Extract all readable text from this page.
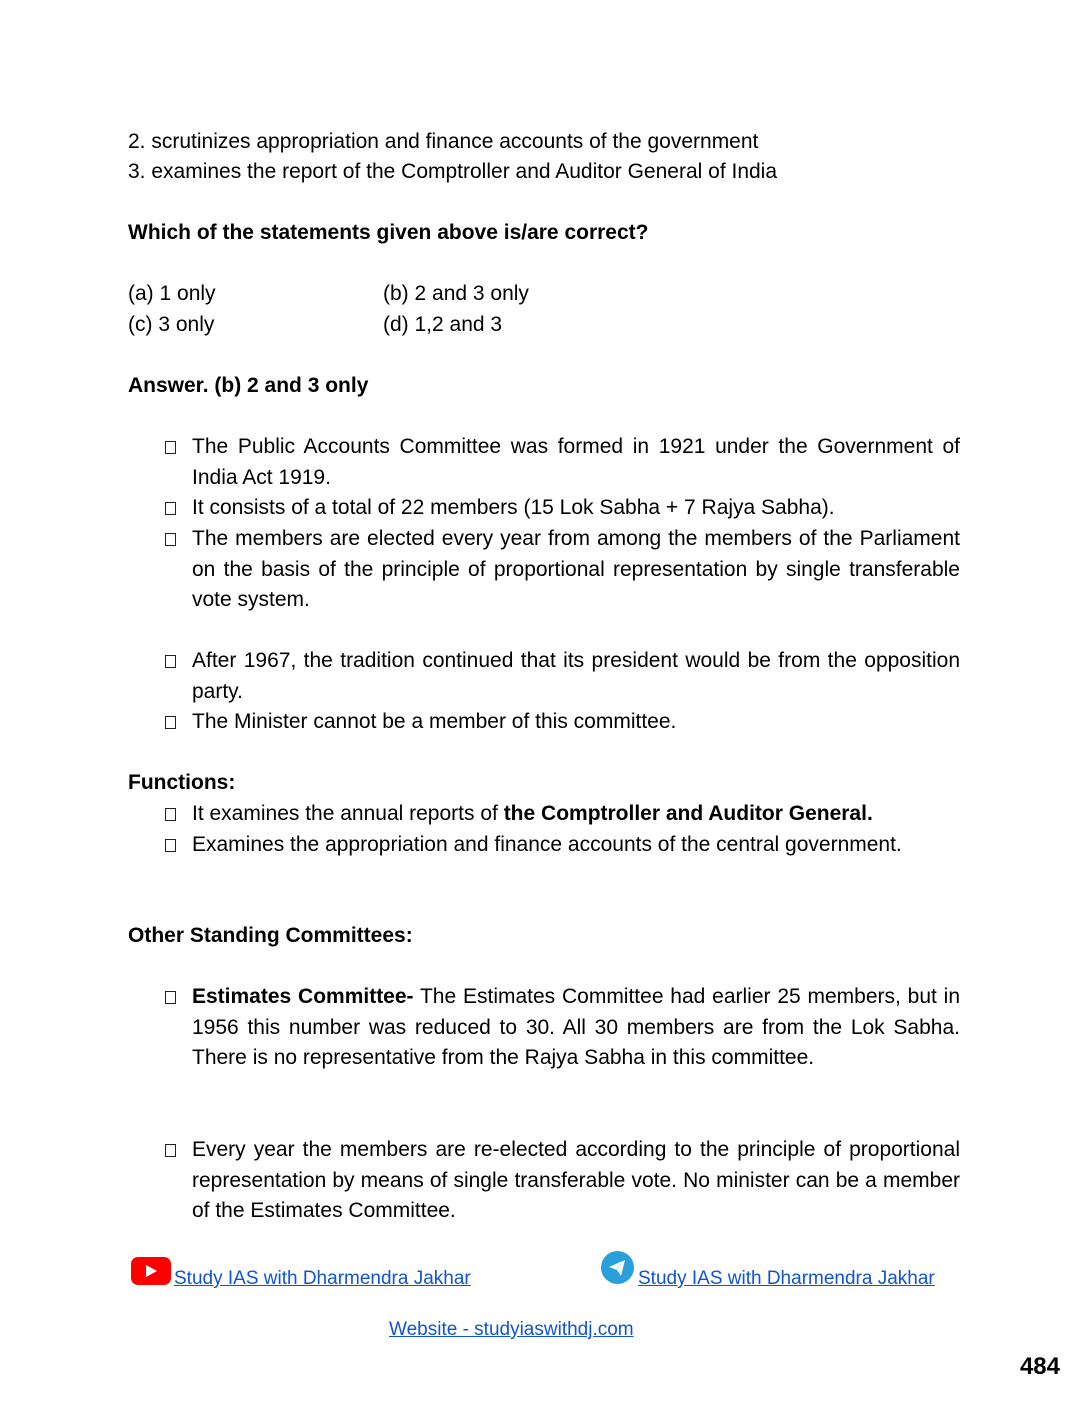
2. scrutinizes appropriation and finance accounts of the government
3. examines the report of the Comptroller and Auditor General of India
Which of the statements given above is/are correct?
(a) 1 only	(b) 2 and 3 only
(c) 3 only	(d) 1,2 and 3
Answer. (b) 2 and 3 only
The Public Accounts Committee was formed in 1921 under the Government of India Act 1919.
It consists of a total of 22 members (15 Lok Sabha + 7 Rajya Sabha).
The members are elected every year from among the members of the Parliament on the basis of the principle of proportional representation by single transferable vote system.
After 1967, the tradition continued that its president would be from the opposition party.
The Minister cannot be a member of this committee.
Functions:
It examines the annual reports of the Comptroller and Auditor General.
Examines the appropriation and finance accounts of the central government.
Other Standing Committees:
Estimates Committee- The Estimates Committee had earlier 25 members, but in 1956 this number was reduced to 30. All 30 members are from the Lok Sabha. There is no representative from the Rajya Sabha in this committee.
Every year the members are re-elected according to the principle of proportional representation by means of single transferable vote. No minister can be a member of the Estimates Committee.
Study IAS with Dharmendra Jakhar	Study IAS with Dharmendra Jakhar
Website - studyiaswithdj.com
484
